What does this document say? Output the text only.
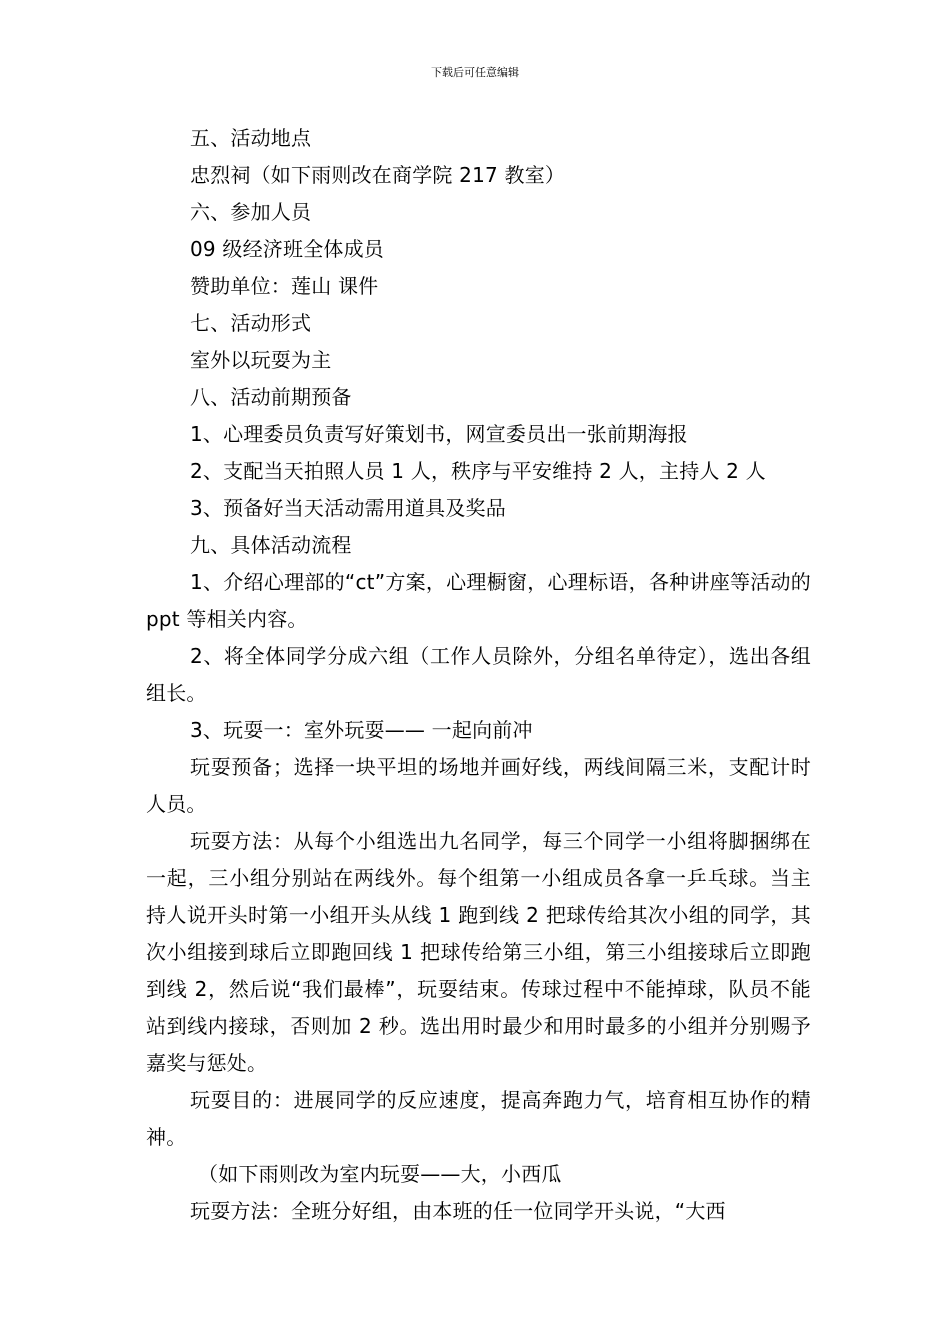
下载后可任意编辑

五、活动地点

忠烈祠（如下雨则改在商学院 217 教室）

六、参加人员

09 级经济班全体成员

赞助单位：莲山 课件

七、活动形式

室外以玩耍为主

八、活动前期预备

1、心理委员负责写好策划书，网宣委员出一张前期海报

2、支配当天拍照人员 1 人，秩序与平安维持 2 人，主持人 2 人

3、预备好当天活动需用道具及奖品

九、具体活动流程

1、介绍心理部的“ct”方案，心理橱窗，心理标语，各种讲座等活动的 ppt 等相关内容。

2、将全体同学分成六组（工作人员除外，分组名单待定），选出各组组长。

3、玩耍一：室外玩耍—— 一起向前冲

玩耍预备；选择一块平坦的场地并画好线，两线间隔三米，支配计时人员。

玩耍方法：从每个小组选出九名同学，每三个同学一小组将脚捆绑在一起，三小组分别站在两线外。每个组第一小组成员各拿一乒乓球。当主持人说开头时第一小组开头从线 1 跑到线 2 把球传给其次小组的同学，其次小组接到球后立即跑回线 1 把球传给第三小组，第三小组接球后立即跑到线 2，然后说“我们最棒”，玩耍结束。传球过程中不能掉球，队员不能站到线内接球，否则加 2 秒。选出用时最少和用时最多的小组并分别赐予嘉奖与惩处。

玩耍目的：进展同学的反应速度，提高奔跑力气，培育相互协作的精神。

（如下雨则改为室内玩耍——大，小西瓜

玩耍方法：全班分好组，由本班的任一位同学开头说，“大西
